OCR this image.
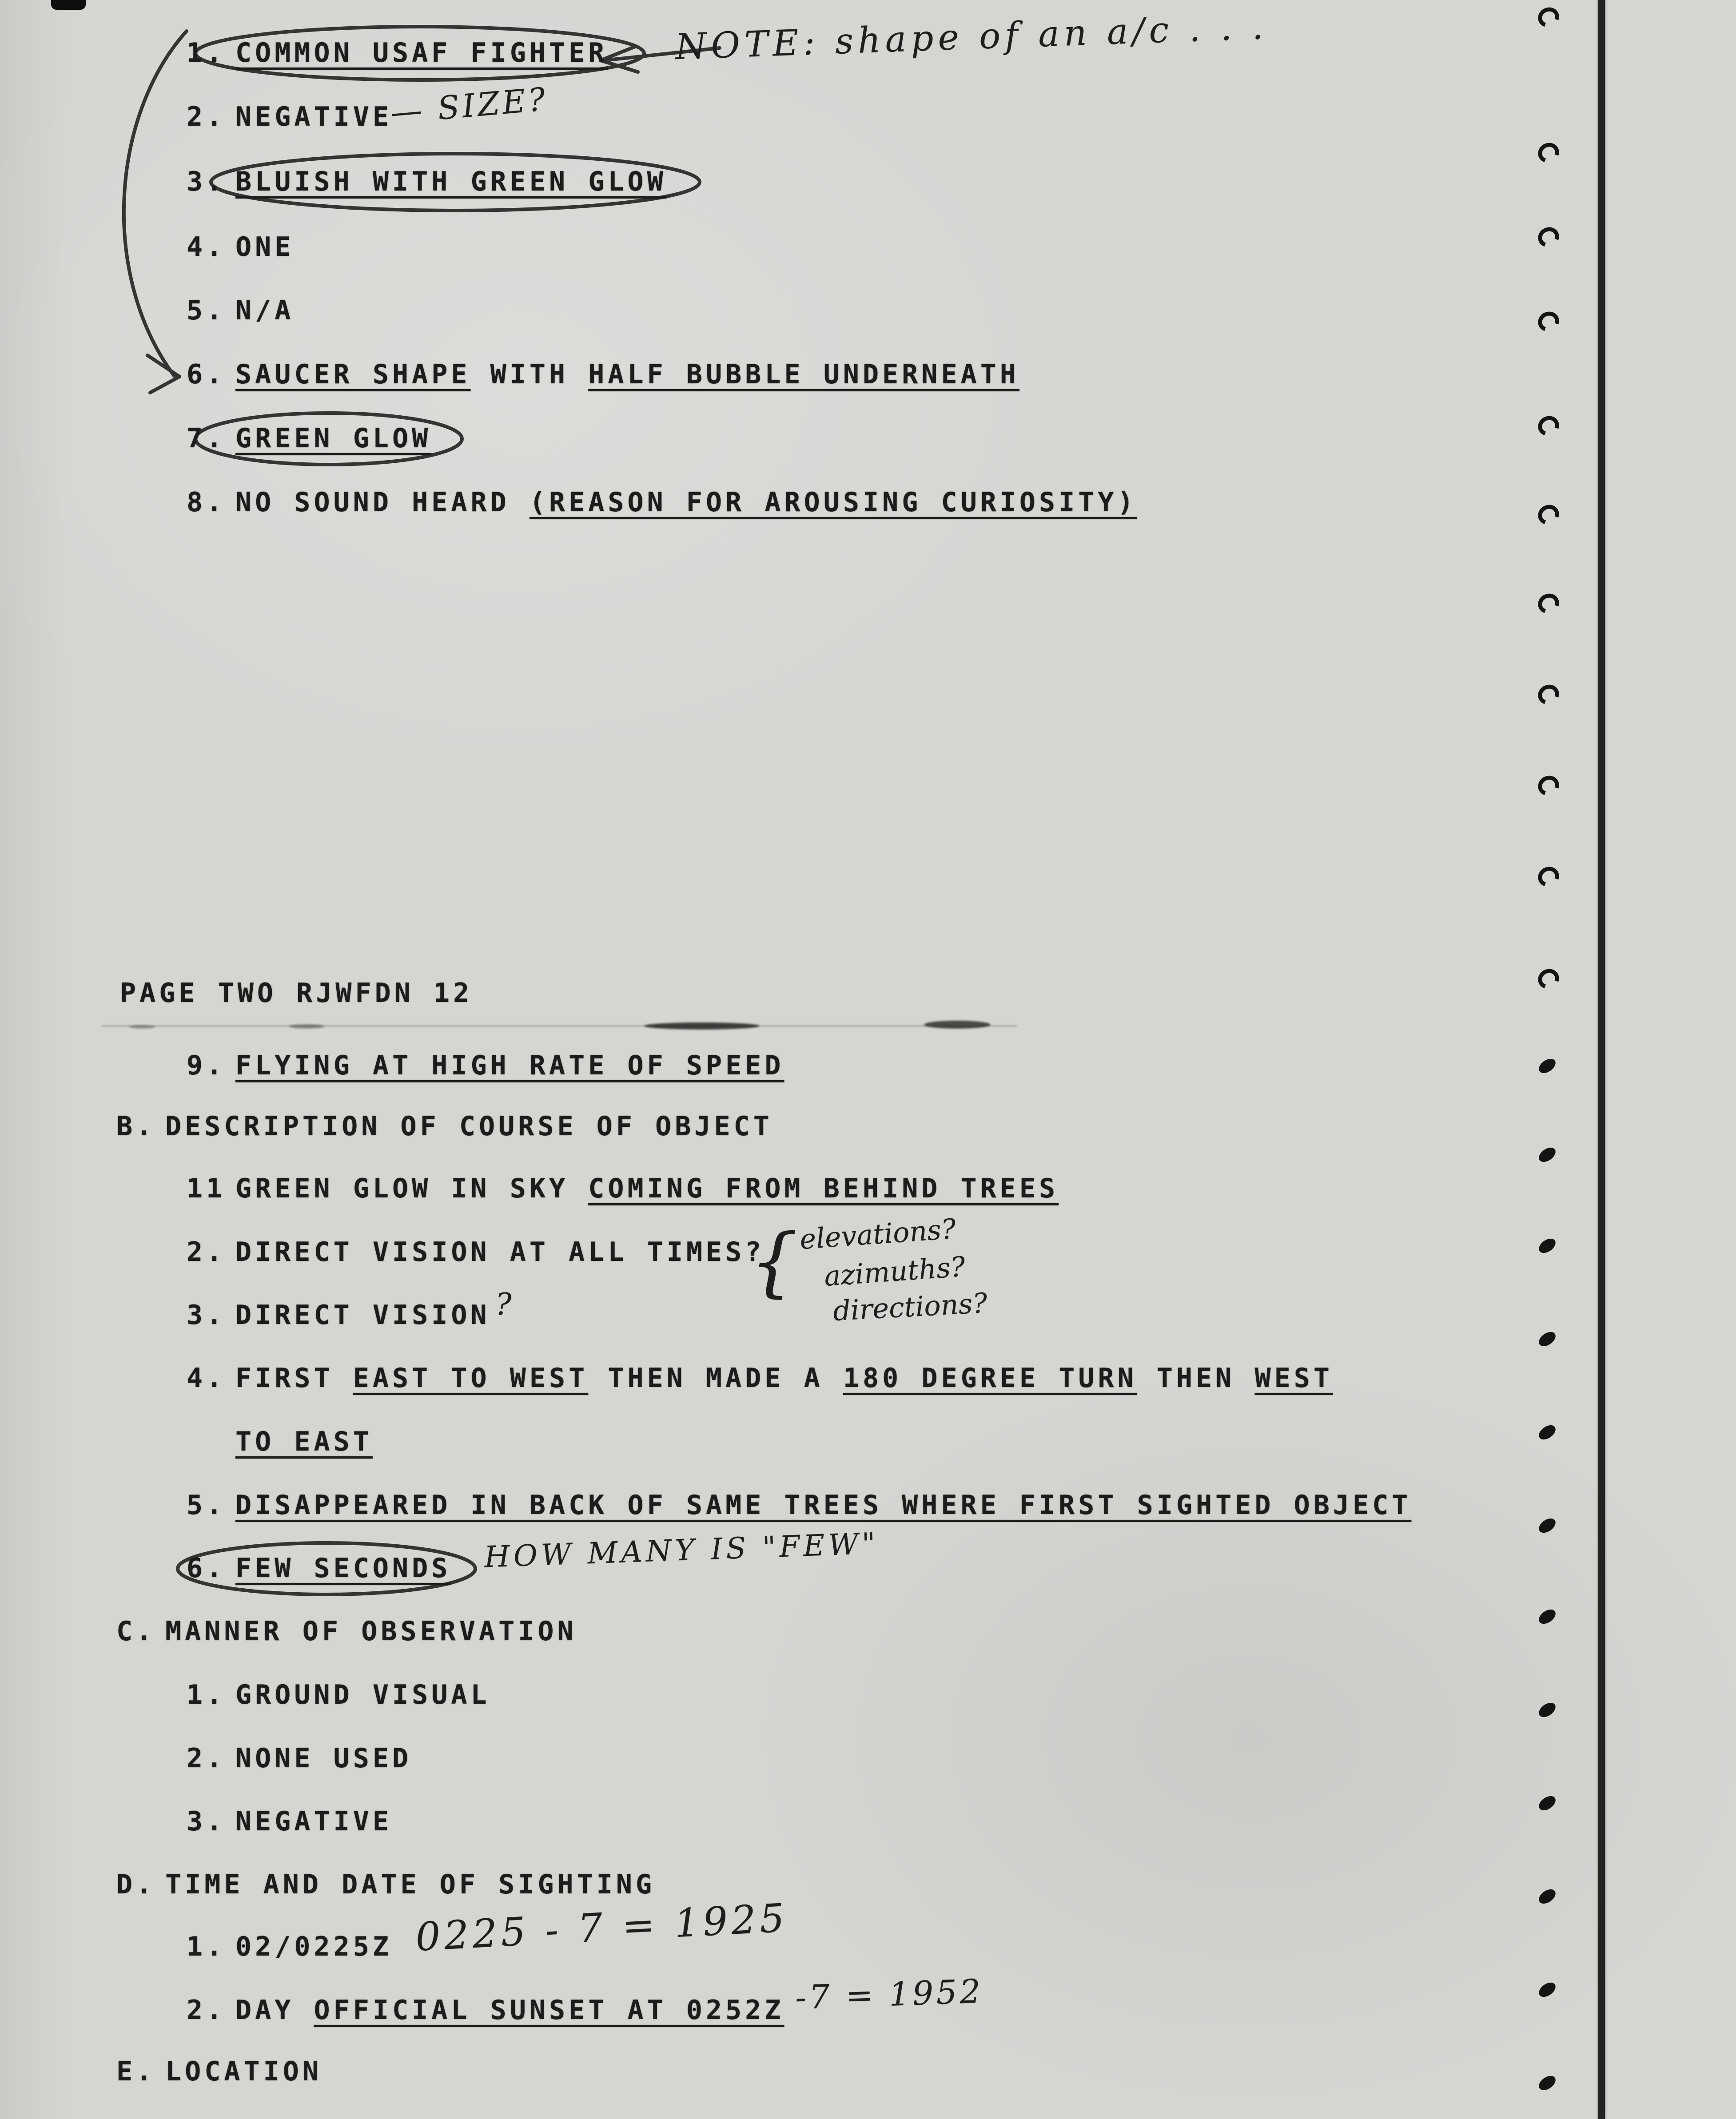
1. COMMON USAF FIGHTER
2. NEGATIVE
3. BLUISH WITH GREEN GLOW
4. ONE
5. N/A
6. SAUCER SHAPE WITH HALF BUBBLE UNDERNEATH
7. GREEN GLOW
8. NO SOUND HEARD (REASON FOR AROUSING CURIOSITY)
PAGE TWO RJWFDN 12
9. FLYING AT HIGH RATE OF SPEED
B. DESCRIPTION OF COURSE OF OBJECT
11 GREEN GLOW IN SKY COMING FROM BEHIND TREES
2. DIRECT VISION AT ALL TIMES?
3. DIRECT VISION
4. FIRST EAST TO WEST THEN MADE A 180 DEGREE TURN THEN WEST
TO EAST
5. DISAPPEARED IN BACK OF SAME TREES WHERE FIRST SIGHTED OBJECT
6. FEW SECONDS
C. MANNER OF OBSERVATION
1. GROUND VISUAL
2. NONE USED
3. NEGATIVE
D. TIME AND DATE OF SIGHTING
1. 02/0225Z
2. DAY OFFICIAL SUNSET AT 0252Z
E. LOCATION
NOTE: shape of an a/c . . .
— SIZE?
{ elevations?
azimuths?
directions?
?
HOW MANY IS "FEW"
0225 - 7 = 1925
-7 = 1952
